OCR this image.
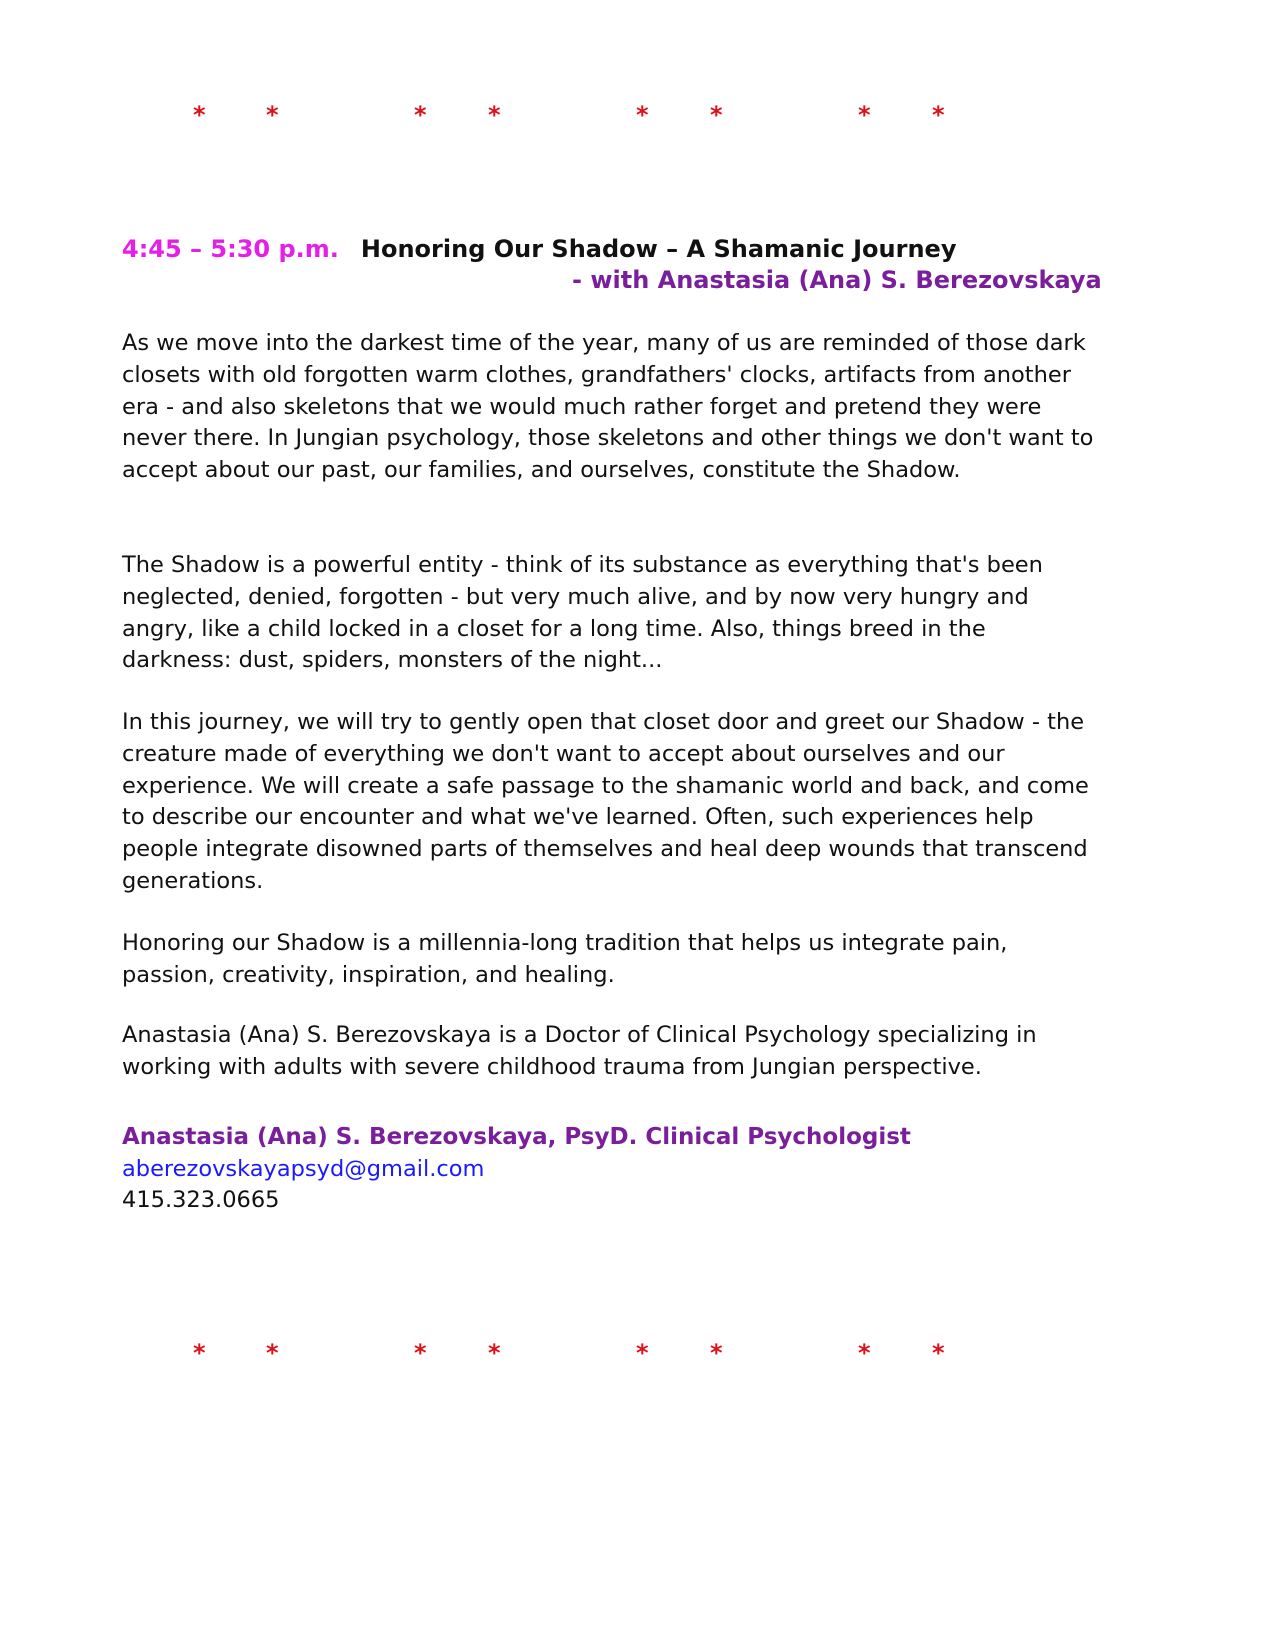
*	*	*	*	*	*	*	*
4:45 – 5:30 p.m. Honoring Our Shadow – A Shamanic Journey
- with Anastasia (Ana) S. Berezovskaya

As we move into the darkest time of the year, many of us are reminded of those dark closets with old forgotten warm clothes, grandfathers' clocks, artifacts from another era - and also skeletons that we would much rather forget and pretend they were never there. In Jungian psychology, those skeletons and other things we don't want to accept about our past, our families, and ourselves, constitute the Shadow.

The Shadow is a powerful entity - think of its substance as everything that's been neglected, denied, forgotten - but very much alive, and by now very hungry and angry, like a child locked in a closet for a long time. Also, things breed in the darkness: dust, spiders, monsters of the night...

In this journey, we will try to gently open that closet door and greet our Shadow - the creature made of everything we don't want to accept about ourselves and our experience. We will create a safe passage to the shamanic world and back, and come to describe our encounter and what we've learned. Often, such experiences help people integrate disowned parts of themselves and heal deep wounds that transcend generations.

Honoring our Shadow is a millennia-long tradition that helps us integrate pain, passion, creativity, inspiration, and healing.

Anastasia (Ana) S. Berezovskaya is a Doctor of Clinical Psychology specializing in working with adults with severe childhood trauma from Jungian perspective.

Anastasia (Ana) S. Berezovskaya, PsyD. Clinical Psychologist
aberezovskayapsyd@gmail.com
415.323.0665
*	*	*	*	*	*	*	*
